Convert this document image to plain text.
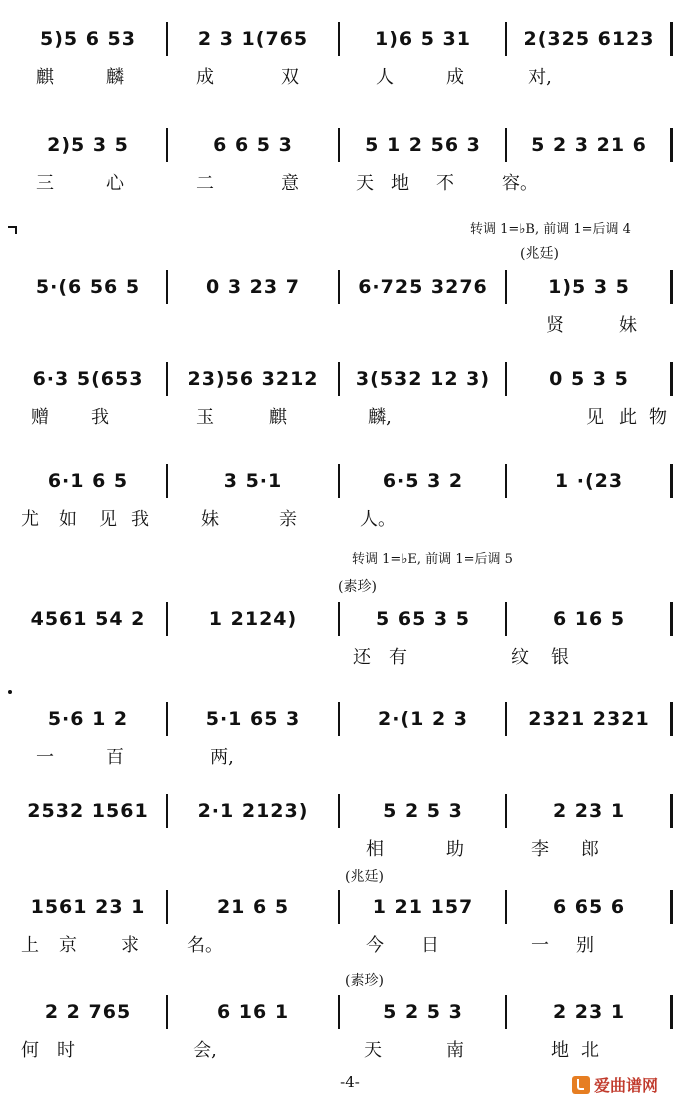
5)5 6 53	2 3 1(765	1)6 5 31	2(325 6123
麒	麟	成	双	人	成	对,
2)5 3 5	6 6 5 3	5 1 2 56 3	5 2 3 21 6
三	心	二	意	天 地 不	容。
转调 1=♭B, 前调 1=后调 4
(兆廷)
5·(6 56 5	0 3 23 7	6·725 3276	1)5 3 5
贤	妹
6·3 5(653	23)56 3212	3(532 12 3)	0 5 3 5
赠 我	玉	麒	麟,	见 此 物
6·1 6 5	3 5·1	6·5 3 2	1 ·(23
尤 如 见 我	妹	亲	人。
转调 1=♭E, 前调 1=后调 5
(素珍)
4561 54 2	1 2124)	5 65 3 5	6 16 5
还 有	纹 银
5·6 1 2	5·1 65 3	2·(1 2 3	2321 2321
一	百	两,
2532 1561	2·1 2123)	5 2 5 3	2 23 1
相	助	李 郎
(兆廷)
1561 23 1	21 6 5	1 21 157	6 65 6
上 京 求	名。	今 日	一 别
(素珍)
2 2 765	6 16 1	5 2 5 3	2 23 1
何 时	会,	天	南	地 北
-4-	爱曲谱网
